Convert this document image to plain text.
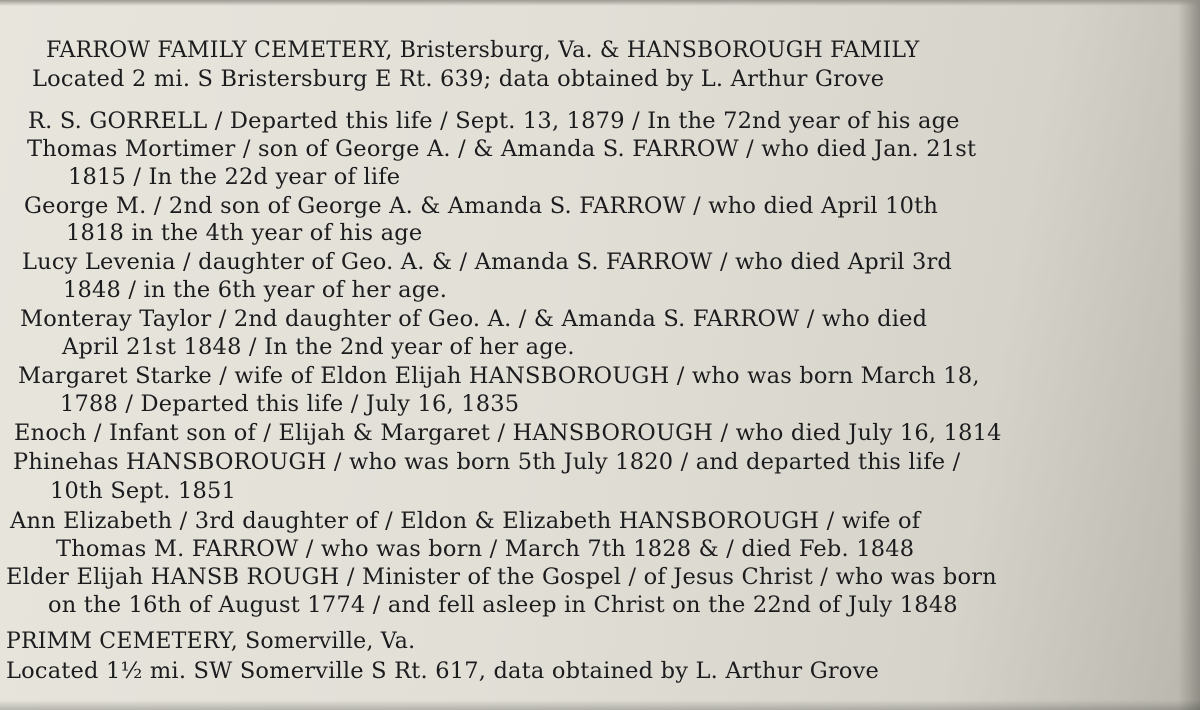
FARROW FAMILY CEMETERY, Bristersburg, Va. & HANSBOROUGH FAMILY
Located 2 mi. S Bristersburg E Rt. 639; data obtained by L. Arthur Grove
R. S. GORRELL / Departed this life / Sept. 13, 1879 / In the 72nd year of his age
Thomas Mortimer / son of George A. / & Amanda S. FARROW / who died Jan. 21st
1815 / In the 22d year of life
George M. / 2nd son of George A. & Amanda S. FARROW / who died April 10th
1818 in the 4th year of his age
Lucy Levenia / daughter of Geo. A. & / Amanda S. FARROW / who died April 3rd
1848 / in the 6th year of her age.
Monteray Taylor / 2nd daughter of Geo. A. / & Amanda S. FARROW / who died
April 21st 1848 / In the 2nd year of her age.
Margaret Starke / wife of Eldon Elijah HANSBOROUGH / who was born March 18,
1788 / Departed this life / July 16, 1835
Enoch / Infant son of / Elijah & Margaret / HANSBOROUGH / who died July 16, 1814
Phinehas HANSBOROUGH / who was born 5th July 1820 / and departed this life /
10th Sept. 1851
Ann Elizabeth / 3rd daughter of / Eldon & Elizabeth HANSBOROUGH / wife of
Thomas M. FARROW / who was born / March 7th 1828 & / died Feb. 1848
Elder Elijah HANSB ROUGH / Minister of the Gospel / of Jesus Christ / who was born
on the 16th of August 1774 / and fell asleep in Christ on the 22nd of July 1848
PRIMM CEMETERY, Somerville, Va.
Located 1½ mi. SW Somerville S Rt. 617, data obtained by L. Arthur Grove
